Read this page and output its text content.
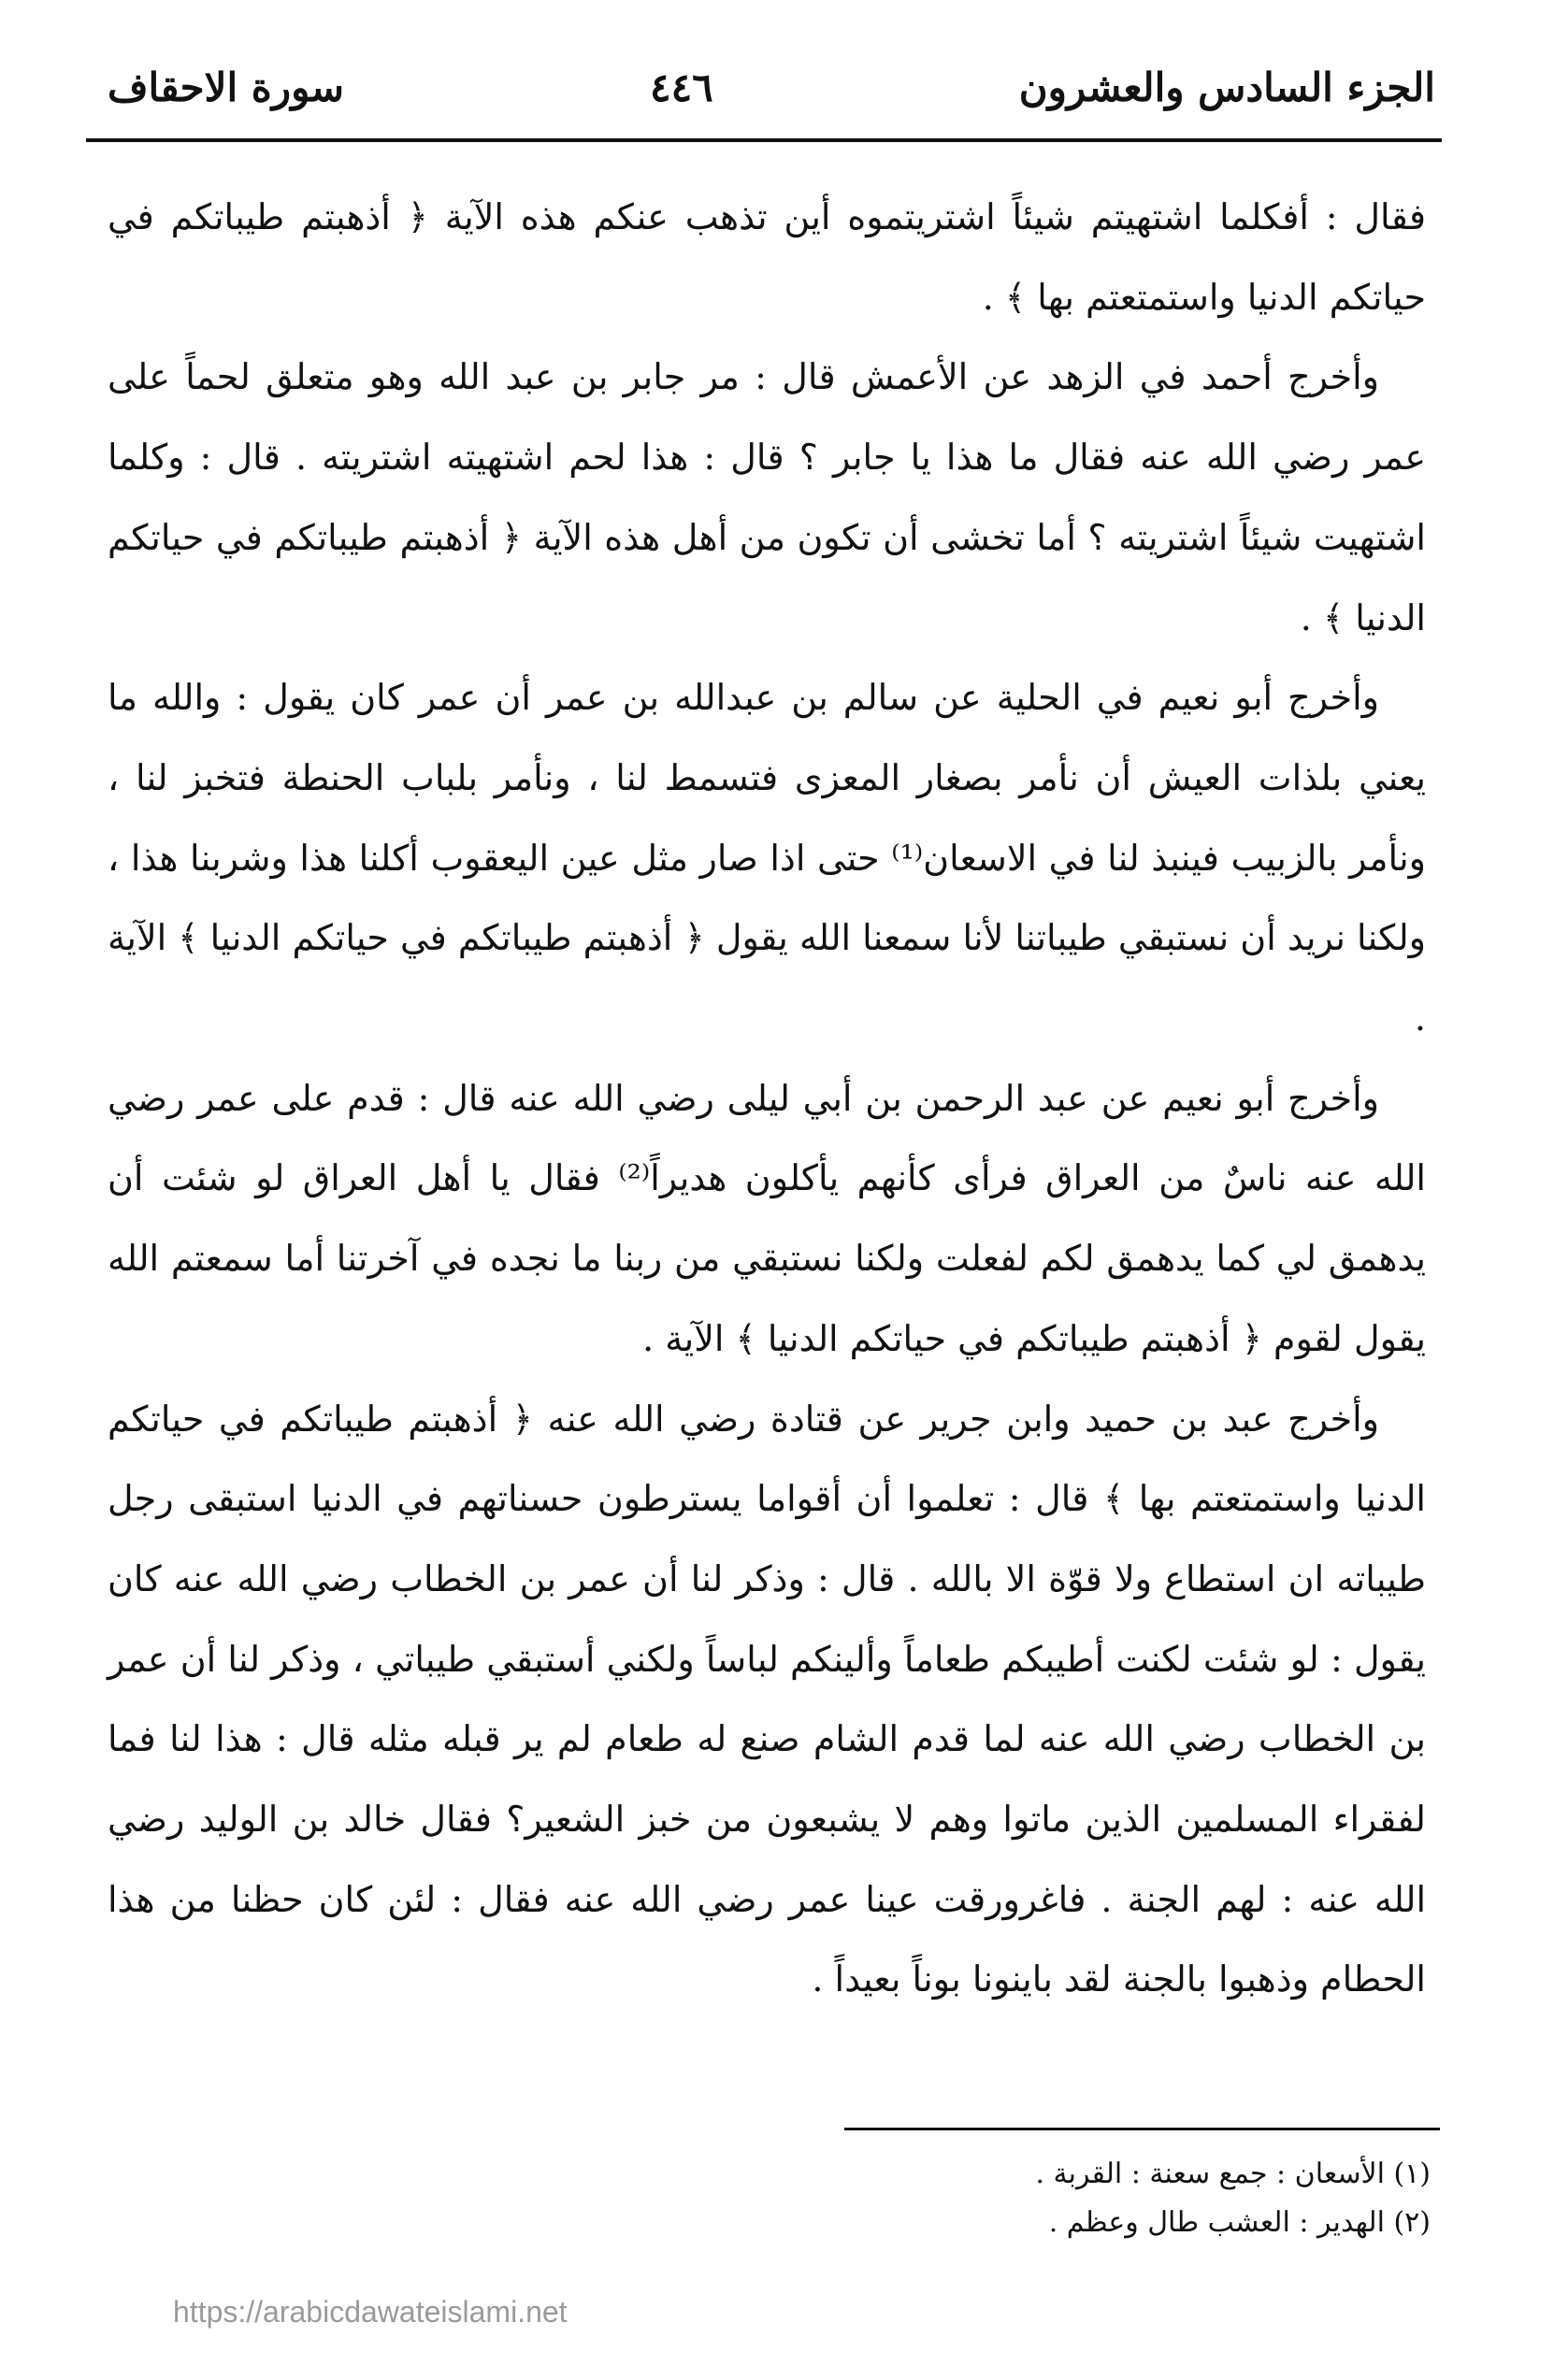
سورة الاحقاف	٤٤٦	الجزء السادس والعشرون

فقال : أفكلما اشتهيتم شيئاً اشتريتموه أين تذهب عنكم هذه الآية ﴿ أذهبتم طيباتكم في حياتكم الدنيا واستمتعتم بها ﴾ .

وأخرج أحمد في الزهد عن الأعمش قال : مر جابر بن عبد الله وهو متعلق لحماً على عمر رضي الله عنه فقال ما هذا يا جابر ؟ قال : هذا لحم اشتهيته اشتريته . قال : وكلما اشتهيت شيئاً اشتريته ؟ أما تخشى أن تكون من أهل هذه الآية ﴿ أذهبتم طيباتكم في حياتكم الدنيا ﴾ .

وأخرج أبو نعيم في الحلية عن سالم بن عبدالله بن عمر أن عمر كان يقول : والله ما يعني بلذات العيش أن نأمر بصغار المعزى فتسمط لنا ، ونأمر بلباب الحنطة فتخبز لنا ، ونأمر بالزبيب فينبذ لنا في الاسعان⁽¹⁾ حتى اذا صار مثل عين اليعقوب أكلنا هذا وشربنا هذا ، ولكنا نريد أن نستبقي طيباتنا لأنا سمعنا الله يقول ﴿ أذهبتم طيباتكم في حياتكم الدنيا ﴾ الآية .

وأخرج أبو نعيم عن عبد الرحمن بن أبي ليلى رضي الله عنه قال : قدم على عمر رضي الله عنه ناسٌ من العراق فرأى كأنهم يأكلون هديراً⁽²⁾ فقال يا أهل العراق لو شئت أن يدهمق لي كما يدهمق لكم لفعلت ولكنا نستبقي من ربنا ما نجده في آخرتنا أما سمعتم الله يقول لقوم ﴿ أذهبتم طيباتكم في حياتكم الدنيا ﴾ الآية .

وأخرج عبد بن حميد وابن جرير عن قتادة رضي الله عنه ﴿ أذهبتم طيباتكم في حياتكم الدنيا واستمتعتم بها ﴾ قال : تعلموا أن أقواما يسترطون حسناتهم في الدنيا استبقى رجل طيباته ان استطاع ولا قوّة الا بالله . قال : وذكر لنا أن عمر بن الخطاب رضي الله عنه كان يقول : لو شئت لكنت أطيبكم طعاماً وألينكم لباساً ولكني أستبقي طيباتي ، وذكر لنا أن عمر بن الخطاب رضي الله عنه لما قدم الشام صنع له طعام لم ير قبله مثله قال : هذا لنا فما لفقراء المسلمين الذين ماتوا وهم لا يشبعون من خبز الشعير؟ فقال خالد بن الوليد رضي الله عنه : لهم الجنة . فاغرورقت عينا عمر رضي الله عنه فقال : لئن كان حظنا من هذا الحطام وذهبوا بالجنة لقد باينونا بوناً بعيداً .

(١) الأسعان : جمع سعنة : القربة .

(٢) الهدير : العشب طال وعظم .

https://arabicdawateislami.net
